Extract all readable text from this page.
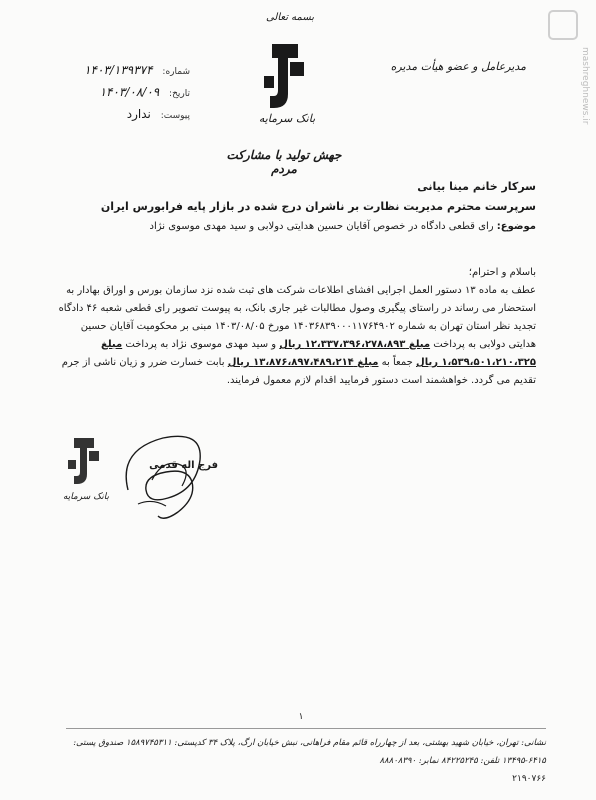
mashreghnews.ir
شماره: ۱۴۰۳/۱۳۹۳۷۴
تاریخ: ۱۴۰۳/۰۸/۰۹
پیوست: ندارد
بسمه تعالی
بانک سرمایه
جهش تولید با مشارکت مردم
مدیرعامل و عضو هیأت مدیره
سرکار خانم مینا بیانی
سرپرست محترم مدیریت نظارت بر ناشران درج شده در بازار پایه فرابورس ایران
موضوع: رای قطعی دادگاه در خصوص آقایان حسین هدایتی دولابی و سید مهدی موسوی نژاد
باسلام و احترام؛
عطف به ماده ۱۳ دستور العمل اجرایی افشای اطلاعات شرکت های ثبت شده نزد سازمان بورس و اوراق بهادار به استحضار می رساند در راستای پیگیری وصول مطالبات غیر جاری بانک، به پیوست تصویر رای قطعی شعبه ۴۶ دادگاه تجدید نظر استان تهران به شماره ۱۴۰۳۶۸۳۹۰۰۰۱۱۷۶۴۹۰۲ مورخ ۱۴۰۳/۰۸/۰۵ مبنی بر محکومیت آقایان حسین هدایتی دولابی به پرداخت مبلغ ۱۲،۳۳۷،۳۹۶،۲۷۸،۸۹۳ ریال و سید مهدی موسوی نژاد به پرداخت مبلغ ۱،۵۳۹،۵۰۱،۲۱۰،۳۲۵ ریال جمعاً به مبلغ ۱۳،۸۷۶،۸۹۷،۴۸۹،۲۱۴ ریال بابت خسارت ضرر و زیان ناشی از جرم تقدیم می گردد. خواهشمند است دستور فرمایید اقدام لازم معمول فرمایند.
فرج اله قدمی
بانک سرمایه
۱
نشانی: تهران، خیابان شهید بهشتی، بعد از چهارراه قائم مقام فراهانی، نبش خیابان ارگ، پلاک ۳۴ کدپستی: ۱۵۸۹۷۴۵۳۱۱ صندوق پستی: ۶۴۱۵-۱۳۴۹۵ تلفن: ۸۴۲۲۵۲۴۵ نمابر: ۸۸۸۰۸۳۹۰
۲۱۹۰۷۶۶
